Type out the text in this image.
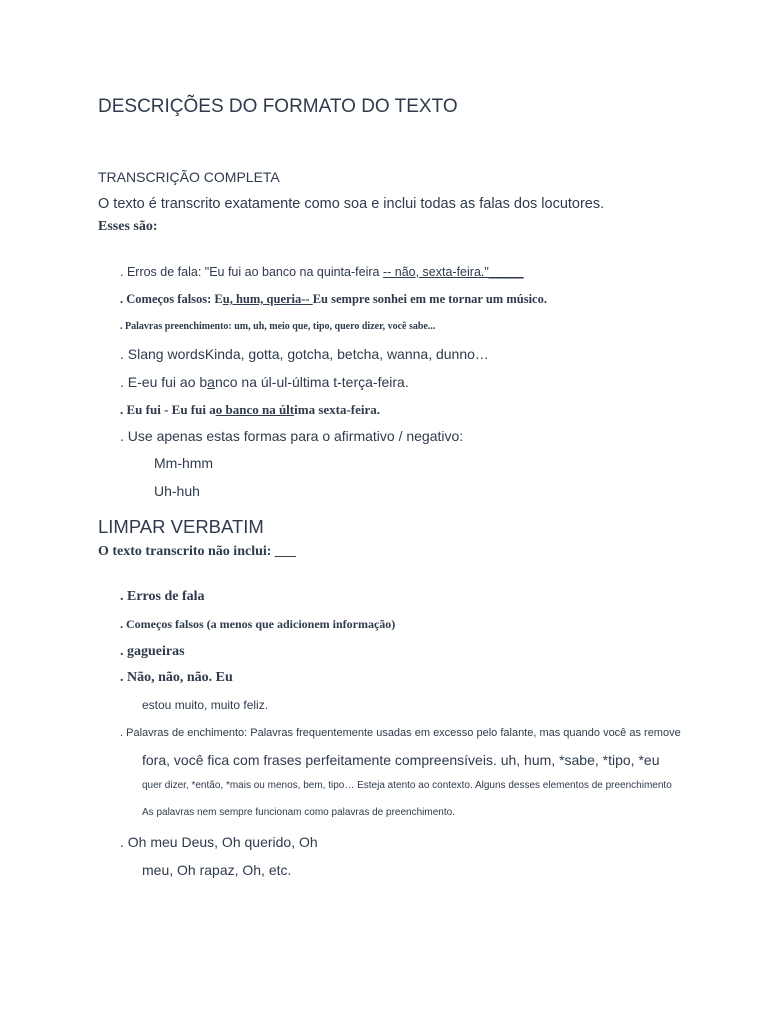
DESCRIÇÕES DO FORMATO DO TEXTO
TRANSCRIÇÃO COMPLETA
O texto é transcrito exatamente como soa e inclui todas as falas dos locutores.
Esses são:
. Erros de fala: "Eu fui ao banco na quinta-feira -- não, sexta-feira."_____
. Começos falsos: Eu, hum, queria-- Eu sempre sonhei em me tornar um músico.
. Palavras preenchimento: um, uh, meio que, tipo, quero dizer, você sabe...
. Slang wordsKinda, gotta, gotcha, betcha, wanna, dunno…
. E-eu fui ao banco na úl-ul-última t-terça-feira.
. Eu fui - Eu fui ao banco na última sexta-feira.
. Use apenas estas formas para o afirmativo / negativo:
Mm-hmm
Uh-huh
LIMPAR VERBATIM
O texto transcrito não inclui: ___
. Erros de fala
. Começos falsos (a menos que adicionem informação)
. gagueiras
. Não, não, não. Eu
estou muito, muito feliz.
. Palavras de enchimento: Palavras frequentemente usadas em excesso pelo falante, mas quando você as remove
fora, você fica com frases perfeitamente compreensíveis. uh, hum, *sabe, *tipo, *eu
quer dizer, *então, *mais ou menos, bem, tipo… Esteja atento ao contexto. Alguns desses elementos de preenchimento
As palavras nem sempre funcionam como palavras de preenchimento.
. Oh meu Deus, Oh querido, Oh
meu, Oh rapaz, Oh, etc.
